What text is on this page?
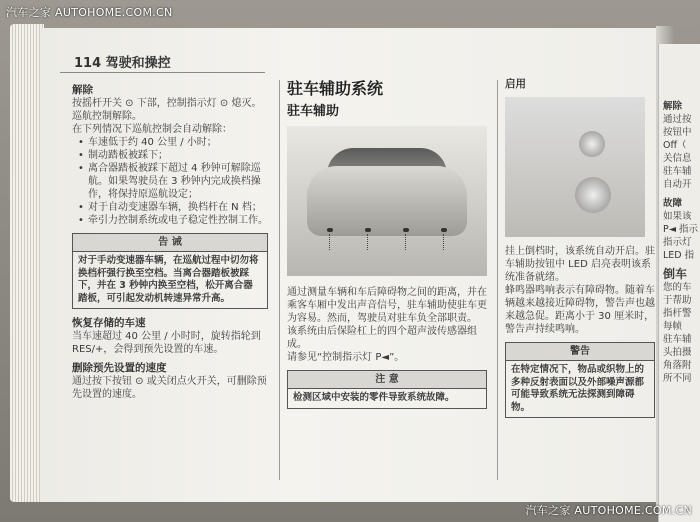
汽车之家 AUTOHOME.COM.CN
解除
通过按
按钮中
Off（
关信息
驻车辅
自动开
故障
如果该
P◄ 指示
指示灯
LED 指
倒车
您的车
于帮助
指杆警
每帧
驻车辅
头拍摄
角落附
所不同
114 驾驶和操控
解除
按摇杆开关 ⊙ 下部，控制指示灯 ⊙ 熄灭。巡航控制解除。
在下列情况下巡航控制会自动解除：
• 车速低于约 40 公里 / 小时；
• 制动踏板被踩下；
• 离合器踏板被踩下超过 4 秒钟可解除巡航。如果驾驶员在 3 秒钟内完成换档操作，将保持原巡航设定；
• 对于自动变速器车辆，换档杆在 N 档；
• 牵引力控制系统或电子稳定性控制工作。
告 诫
对于手动变速器车辆，在巡航过程中切勿将换档杆强行换至空档。当离合器踏板被踩下，并在 3 秒钟内换至空档，松开离合器踏板，可引起发动机转速异常升高。
恢复存储的车速
当车速超过 40 公里 / 小时时，旋转指轮到 RES/+，会得到预先设置的车速。
删除预先设置的速度
通过按下按钮 ⊙ 或关闭点火开关，可删除预先设置的速度。
驻车辅助系统
驻车辅助
通过测量车辆和车后障碍物之间的距离，并在乘客车厢中发出声音信号，驻车辅助使驻车更为容易。然而，驾驶员对驻车负全部职责。
该系统由后保险杠上的四个超声波传感器组成。
请参见“控制指示灯 P◄”。
注 意
检测区域中安装的零件导致系统故障。
启用
挂上倒档时，该系统自动开启。驻车辅助按钮中 LED 启亮表明该系统准备就绪。
蜂鸣器鸣响表示有障碍物。随着车辆越来越接近障碍物，警告声也越来越急促。距离小于 30 厘米时，警告声持续鸣响。
警告
在特定情况下，物品或织物上的多种反射表面以及外部噪声源都可能导致系统无法探测到障碍物。
汽车之家 AUTOHOME.COM.CN
